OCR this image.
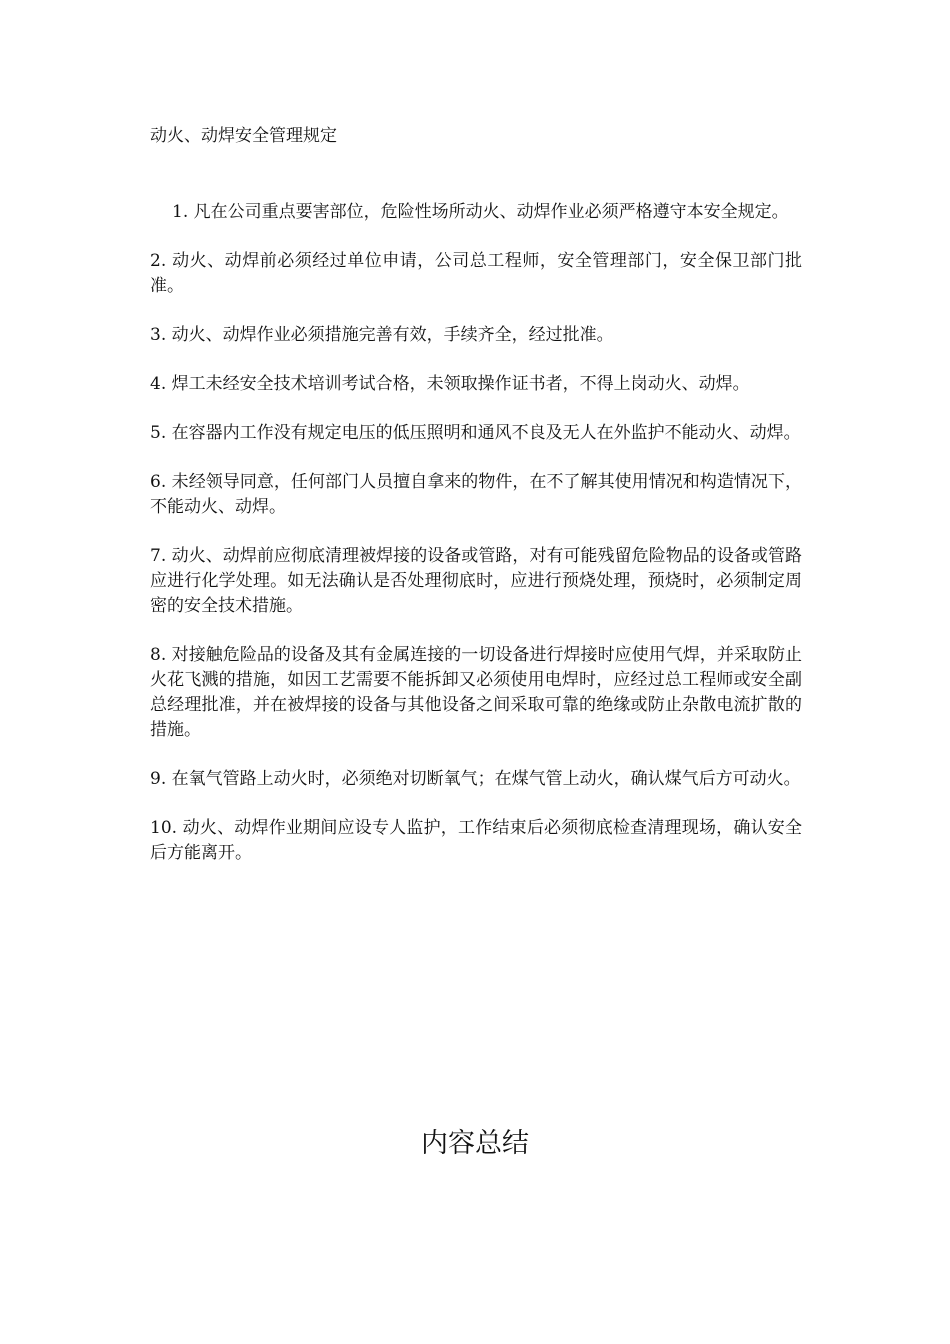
动火、动焊安全管理规定

1. 凡在公司重点要害部位，危险性场所动火、动焊作业必须严格遵守本安全规定。

2. 动火、动焊前必须经过单位申请，公司总工程师，安全管理部门，安全保卫部门批准。

3. 动火、动焊作业必须措施完善有效，手续齐全，经过批准。

4. 焊工未经安全技术培训考试合格，未领取操作证书者，不得上岗动火、动焊。

5. 在容器内工作没有规定电压的低压照明和通风不良及无人在外监护不能动火、动焊。

6. 未经领导同意，任何部门人员擅自拿来的物件，在不了解其使用情况和构造情况下，不能动火、动焊。

7. 动火、动焊前应彻底清理被焊接的设备或管路，对有可能残留危险物品的设备或管路应进行化学处理。如无法确认是否处理彻底时，应进行预烧处理，预烧时，必须制定周密的安全技术措施。

8. 对接触危险品的设备及其有金属连接的一切设备进行焊接时应使用气焊，并采取防止火花飞溅的措施，如因工艺需要不能拆卸又必须使用电焊时，应经过总工程师或安全副总经理批准，并在被焊接的设备与其他设备之间采取可靠的绝缘或防止杂散电流扩散的措施。

9. 在氧气管路上动火时，必须绝对切断氧气；在煤气管上动火，确认煤气后方可动火。

10. 动火、动焊作业期间应设专人监护，工作结束后必须彻底检查清理现场，确认安全后方能离开。

内容总结
